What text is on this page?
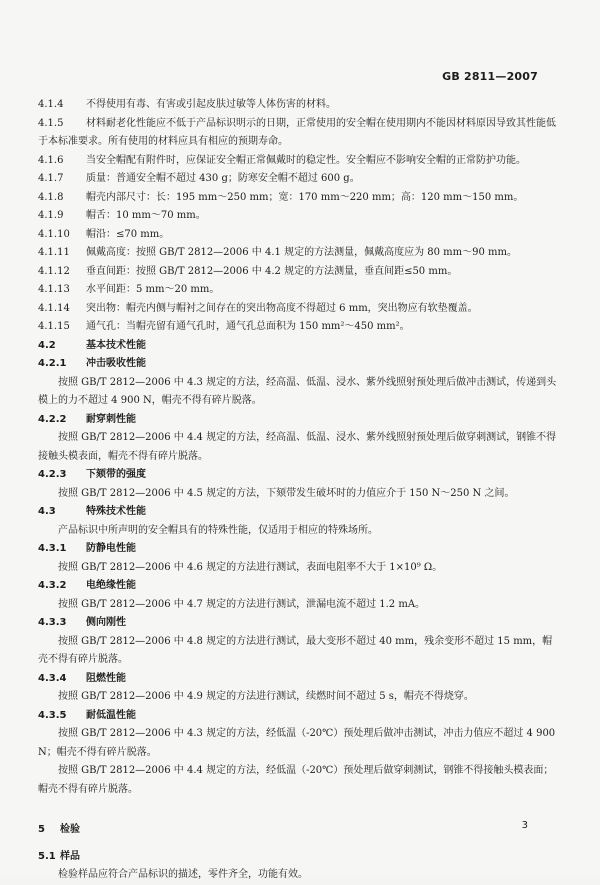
GB 2811—2007
4.1.4 不得使用有毒、有害或引起皮肤过敏等人体伤害的材料。
4.1.5 材料耐老化性能应不低于产品标识明示的日期，正常使用的安全帽在使用期内不能因材料原因导致其性能低于本标准要求。所有使用的材料应具有相应的预期寿命。
4.1.6 当安全帽配有附件时，应保证安全帽正常佩戴时的稳定性。安全帽应不影响安全帽的正常防护功能。
4.1.7 质量：普通安全帽不超过 430 g；防寒安全帽不超过 600 g。
4.1.8 帽壳内部尺寸：长：195 mm～250 mm；宽：170 mm～220 mm；高：120 mm～150 mm。
4.1.9 帽舌：10 mm～70 mm。
4.1.10 帽沿：≤70 mm。
4.1.11 佩戴高度：按照 GB/T 2812—2006 中 4.1 规定的方法测量，佩戴高度应为 80 mm～90 mm。
4.1.12 垂直间距：按照 GB/T 2812—2006 中 4.2 规定的方法测量，垂直间距≤50 mm。
4.1.13 水平间距：5 mm～20 mm。
4.1.14 突出物：帽壳内侧与帽衬之间存在的突出物高度不得超过 6 mm，突出物应有软垫覆盖。
4.1.15 通气孔：当帽壳留有通气孔时，通气孔总面积为 150 mm²～450 mm²。
4.2	基本技术性能
4.2.1 冲击吸收性能
按照 GB/T 2812—2006 中 4.3 规定的方法，经高温、低温、浸水、紫外线照射预处理后做冲击测试，传递到头模上的力不超过 4 900 N，帽壳不得有碎片脱落。
4.2.2 耐穿刺性能
按照 GB/T 2812—2006 中 4.4 规定的方法，经高温、低温、浸水、紫外线照射预处理后做穿刺测试，钢锥不得接触头模表面，帽壳不得有碎片脱落。
4.2.3 下颏带的强度
按照 GB/T 2812—2006 中 4.5 规定的方法，下颏带发生破坏时的力值应介于 150 N～250 N 之间。
4.3	特殊技术性能
产品标识中所声明的安全帽具有的特殊性能，仅适用于相应的特殊场所。
4.3.1 防静电性能
按照 GB/T 2812—2006 中 4.6 规定的方法进行测试，表面电阻率不大于 1×10⁹ Ω。
4.3.2 电绝缘性能
按照 GB/T 2812—2006 中 4.7 规定的方法进行测试，泄漏电流不超过 1.2 mA。
4.3.3 侧向刚性
按照 GB/T 2812—2006 中 4.8 规定的方法进行测试，最大变形不超过 40 mm，残余变形不超过 15 mm，帽壳不得有碎片脱落。
4.3.4 阻燃性能
按照 GB/T 2812—2006 中 4.9 规定的方法进行测试，续燃时间不超过 5 s，帽壳不得烧穿。
4.3.5 耐低温性能
按照 GB/T 2812—2006 中 4.3 规定的方法，经低温（-20℃）预处理后做冲击测试，冲击力值应不超过 4 900 N；帽壳不得有碎片脱落。
按照 GB/T 2812—2006 中 4.4 规定的方法，经低温（-20℃）预处理后做穿刺测试，钢锥不得接触头模表面；帽壳不得有碎片脱落。
5 检验
5.1 样品
检验样品应符合产品标识的描述，零件齐全，功能有效。
3
